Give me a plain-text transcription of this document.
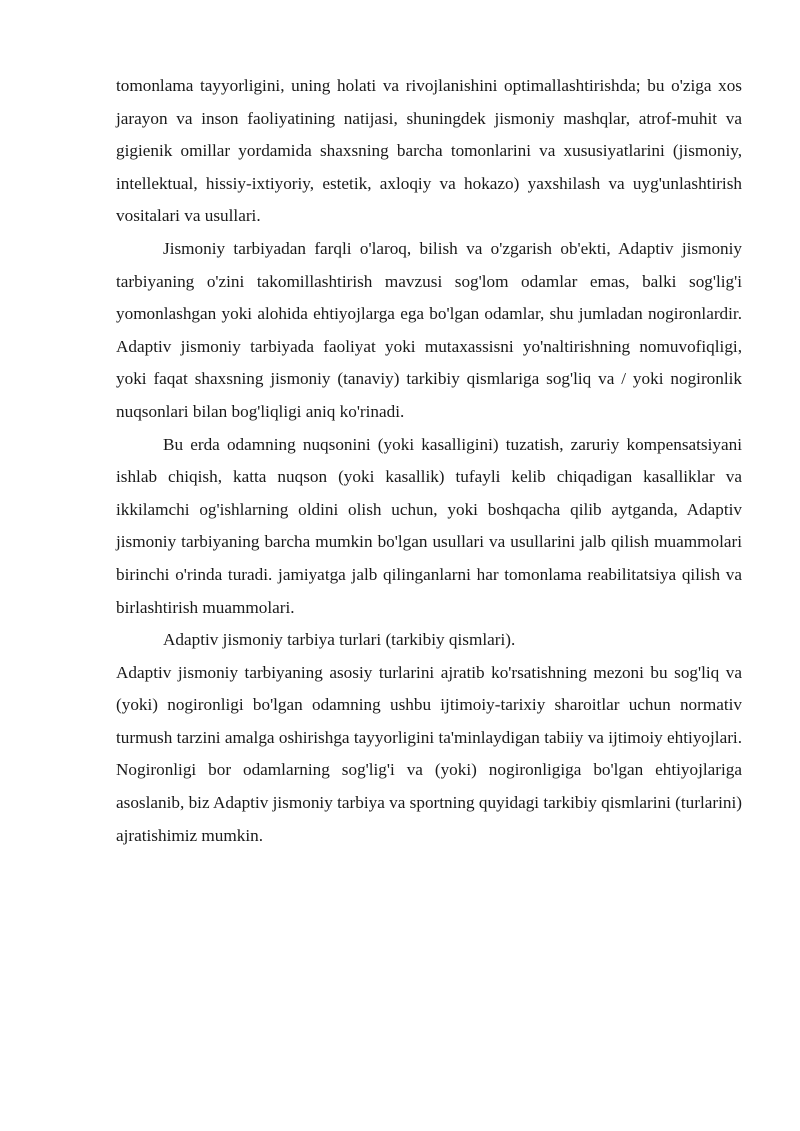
tomonlama tayyorligini, uning holati va rivojlanishini optimallashtirishda; bu o'ziga xos jarayon va inson faoliyatining natijasi, shuningdek jismoniy mashqlar, atrof-muhit va gigienik omillar yordamida shaxsning barcha tomonlarini va xususiyatlarini (jismoniy, intellektual, hissiy-ixtiyoriy, estetik, axloqiy va hokazo) yaxshilash va uyg'unlashtirish vositalari va usullari.

Jismoniy tarbiyadan farqli o'laroq, bilish va o'zgarish ob'ekti, Adaptiv jismoniy tarbiyaning o'zini takomillashtirish mavzusi sog'lom odamlar emas, balki sog'lig'i yomonlashgan yoki alohida ehtiyojlarga ega bo'lgan odamlar, shu jumladan nogironlardir. Adaptiv jismoniy tarbiyada faoliyat yoki mutaxassisni yo'naltirishning nomuvofiqligi, yoki faqat shaxsning jismoniy (tanaviy) tarkibiy qismlariga sog'liq va / yoki nogironlik nuqsonlari bilan bog'liqligi aniq ko'rinadi.

Bu erda odamning nuqsonini (yoki kasalligini) tuzatish, zaruriy kompensatsiyani ishlab chiqish, katta nuqson (yoki kasallik) tufayli kelib chiqadigan kasalliklar va ikkilamchi og'ishlarning oldini olish uchun, yoki boshqacha qilib aytganda, Adaptiv jismoniy tarbiyaning barcha mumkin bo'lgan usullari va usullarini jalb qilish muammolari birinchi o'rinda turadi. jamiyatga jalb qilinganlarni har tomonlama reabilitatsiya qilish va birlashtirish muammolari.

Adaptiv jismoniy tarbiya turlari (tarkibiy qismlari).

Adaptiv jismoniy tarbiyaning asosiy turlarini ajratib ko'rsatishning mezoni bu sog'liq va (yoki) nogironligi bo'lgan odamning ushbu ijtimoiy-tarixiy sharoitlar uchun normativ turmush tarzini amalga oshirishga tayyorligini ta'minlaydigan tabiiy va ijtimoiy ehtiyojlari. Nogironligi bor odamlarning sog'lig'i va (yoki) nogironligiga bo'lgan ehtiyojlariga asoslanib, biz Adaptiv jismoniy tarbiya va sportning quyidagi tarkibiy qismlarini (turlarini) ajratishimiz mumkin.
